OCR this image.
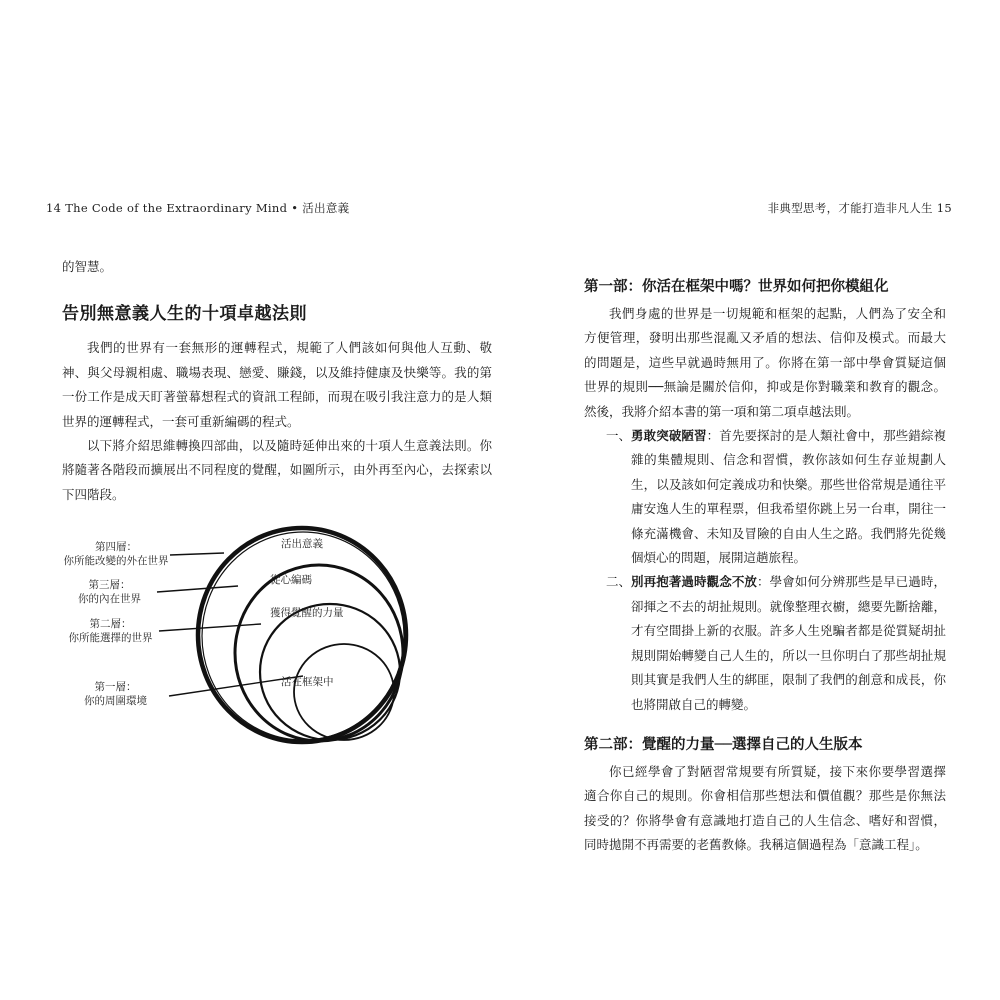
14 The Code of the Extraordinary Mind • 活出意義	非典型思考，才能打造非凡人生 15

的智慧。

告別無意義人生的十項卓越法則

我們的世界有一套無形的運轉程式，規範了人們該如何與他人互動、敬神、與父母親相處、職場表現、戀愛、賺錢，以及維持健康及快樂等。我的第一份工作是成天盯著螢幕想程式的資訊工程師，而現在吸引我注意力的是人類世界的運轉程式，一套可重新編碼的程式。

以下將介紹思維轉換四部曲，以及隨時延伸出來的十項人生意義法則。你將隨著各階段而擴展出不同程度的覺醒，如圖所示，由外再至內心，去探索以下四階段。

第四層：
你所能改變的外在世界
第三層：
你的內在世界
第二層：
你所能選擇的世界
第一層：
你的周圍環境
活出意義
從心編碼
獲得覺醒的力量
活在框架中
第一部：你活在框架中嗎？世界如何把你模組化

我們身處的世界是一切規範和框架的起點，人們為了安全和方便管理，發明出那些混亂又矛盾的想法、信仰及模式。而最大的問題是，這些早就過時無用了。你將在第一部中學會質疑這個世界的規則──無論是關於信仰，抑或是你對職業和教育的觀念。然後，我將介紹本書的第一項和第二項卓越法則。

一、 勇敢突破陋習：首先要探討的是人類社會中，那些錯綜複雜的集體規則、信念和習慣，教你該如何生存並規劃人生，以及該如何定義成功和快樂。那些世俗常規是通往平庸安逸人生的單程票，但我希望你跳上另一台車，開往一條充滿機會、未知及冒險的自由人生之路。我們將先從幾個煩心的問題，展開這趟旅程。
二、 別再抱著過時觀念不放：學會如何分辨那些是早已過時，卻揮之不去的胡扯規則。就像整理衣櫥，總要先斷捨離，才有空間掛上新的衣服。許多人生兇騙者都是從質疑胡扯規則開始轉變自己人生的，所以一旦你明白了那些胡扯規則其實是我們人生的綁匪，限制了我們的創意和成長，你也將開啟自己的轉變。
第二部：覺醒的力量──選擇自己的人生版本

你已經學會了對陋習常規要有所質疑，接下來你要學習選擇適合你自己的規則。你會相信那些想法和價值觀？那些是你無法接受的？你將學會有意識地打造自己的人生信念、嗜好和習慣，同時拋開不再需要的老舊教條。我稱這個過程為「意識工程」。
